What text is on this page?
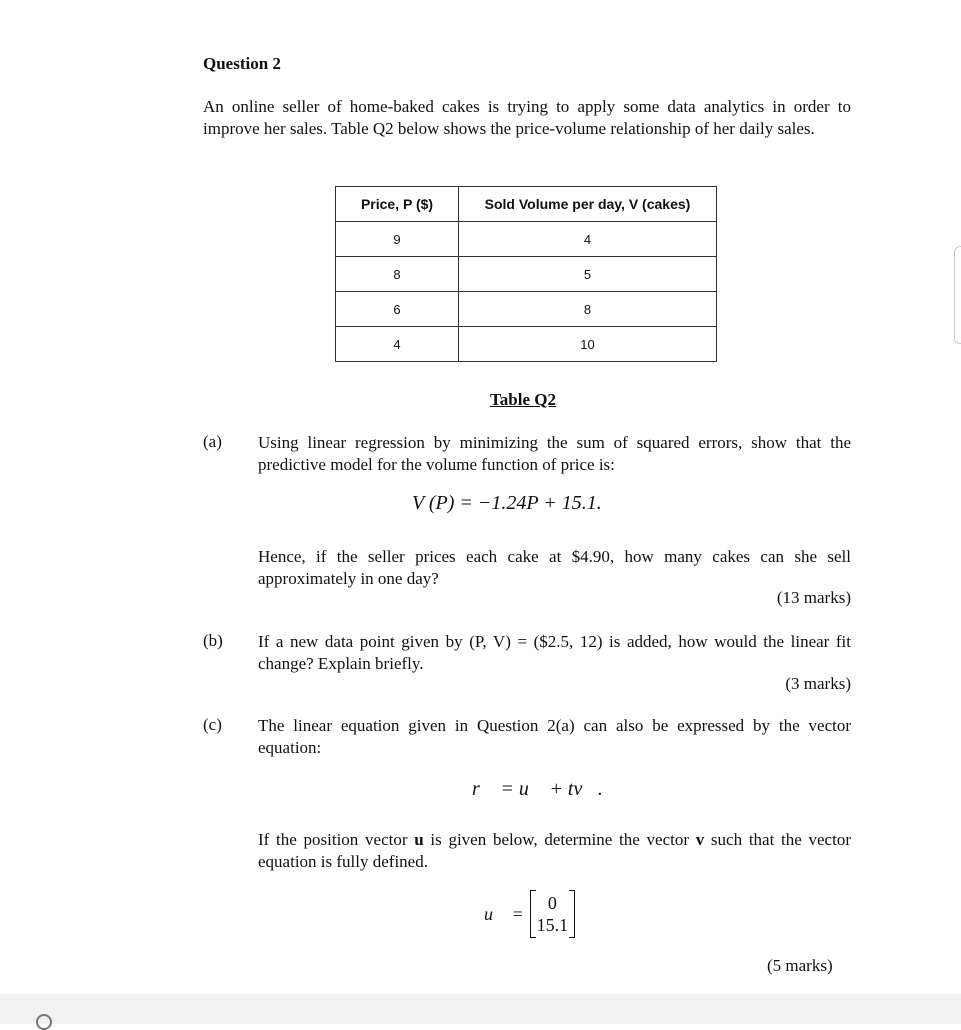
Question 2
An online seller of home-baked cakes is trying to apply some data analytics in order to improve her sales. Table Q2 below shows the price-volume relationship of her daily sales.
Price, P ($)	Sold Volume per day, V (cakes)
9	4
8	5
6	8
4	10
Table Q2
(a) Using linear regression by minimizing the sum of squared errors, show that the predictive model for the volume function of price is:
V (P) = −1.24P + 15.1.
Hence, if the seller prices each cake at $4.90, how many cakes can she sell approximately in one day?
(13 marks)
(b) If a new data point given by (P, V) = ($2.5, 12) is added, how would the linear fit change? Explain briefly.
(3 marks)
(c) The linear equation given in Question 2(a) can also be expressed by the vector equation:
r⃗ = u⃗ + tv⃗.
If the position vector u is given below, determine the vector v such that the vector equation is fully defined.
u⃗ =
0
15.1
(5 marks)
